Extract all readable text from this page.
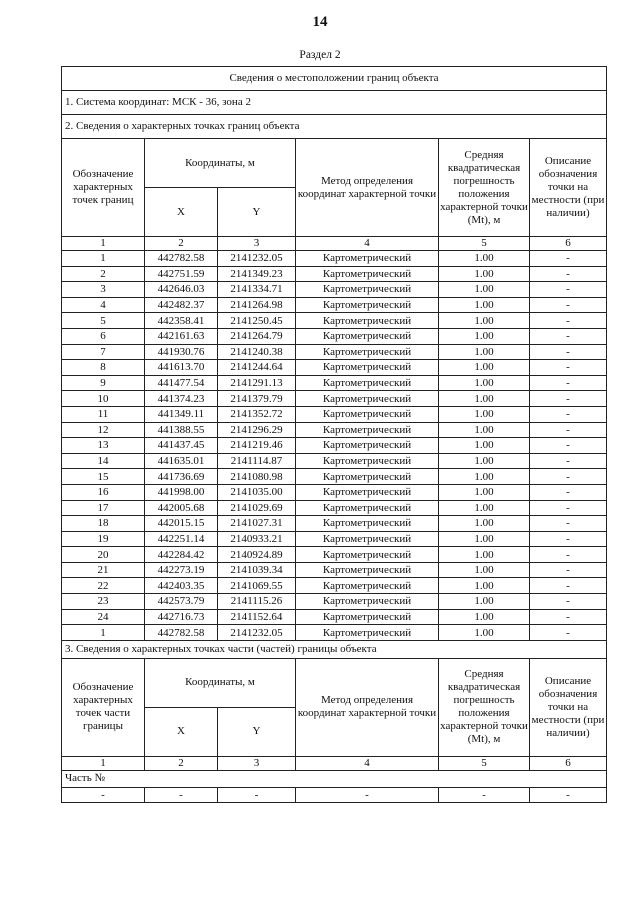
14
Раздел 2
Сведения о местоположении границ объекта					
1. Система координат: МСК - 36, зона 2					
2. Сведения о характерных точках границ объекта					
Обозначение характерных точек границ	Координаты, м		Метод определения координат характерной точки	Средняя квадратическая погрешность положения характерной точки (Mt), м	Описание обозначения точки на местности (при наличии)
	X	Y			
1	2	3	4	5	6
1	442782.58	2141232.05	Картометрический	1.00	-
2	442751.59	2141349.23	Картометрический	1.00	-
3	442646.03	2141334.71	Картометрический	1.00	-
4	442482.37	2141264.98	Картометрический	1.00	-
5	442358.41	2141250.45	Картометрический	1.00	-
6	442161.63	2141264.79	Картометрический	1.00	-
7	441930.76	2141240.38	Картометрический	1.00	-
8	441613.70	2141244.64	Картометрический	1.00	-
9	441477.54	2141291.13	Картометрический	1.00	-
10	441374.23	2141379.79	Картометрический	1.00	-
11	441349.11	2141352.72	Картометрический	1.00	-
12	441388.55	2141296.29	Картометрический	1.00	-
13	441437.45	2141219.46	Картометрический	1.00	-
14	441635.01	2141114.87	Картометрический	1.00	-
15	441736.69	2141080.98	Картометрический	1.00	-
16	441998.00	2141035.00	Картометрический	1.00	-
17	442005.68	2141029.69	Картометрический	1.00	-
18	442015.15	2141027.31	Картометрический	1.00	-
19	442251.14	2140933.21	Картометрический	1.00	-
20	442284.42	2140924.89	Картометрический	1.00	-
21	442273.19	2141039.34	Картометрический	1.00	-
22	442403.35	2141069.55	Картометрический	1.00	-
23	442573.79	2141115.26	Картометрический	1.00	-
24	442716.73	2141152.64	Картометрический	1.00	-
1	442782.58	2141232.05	Картометрический	1.00	-
3. Сведения о характерных точках части (частей) границы объекта					
Обозначение характерных точек части границы	Координаты, м		Метод определения координат характерной точки	Средняя квадратическая погрешность положения характерной точки (Mt), м	Описание обозначения точки на местности (при наличии)
	X	Y			
1	2	3	4	5	6
Часть №					
-	-	-	-	-	-
